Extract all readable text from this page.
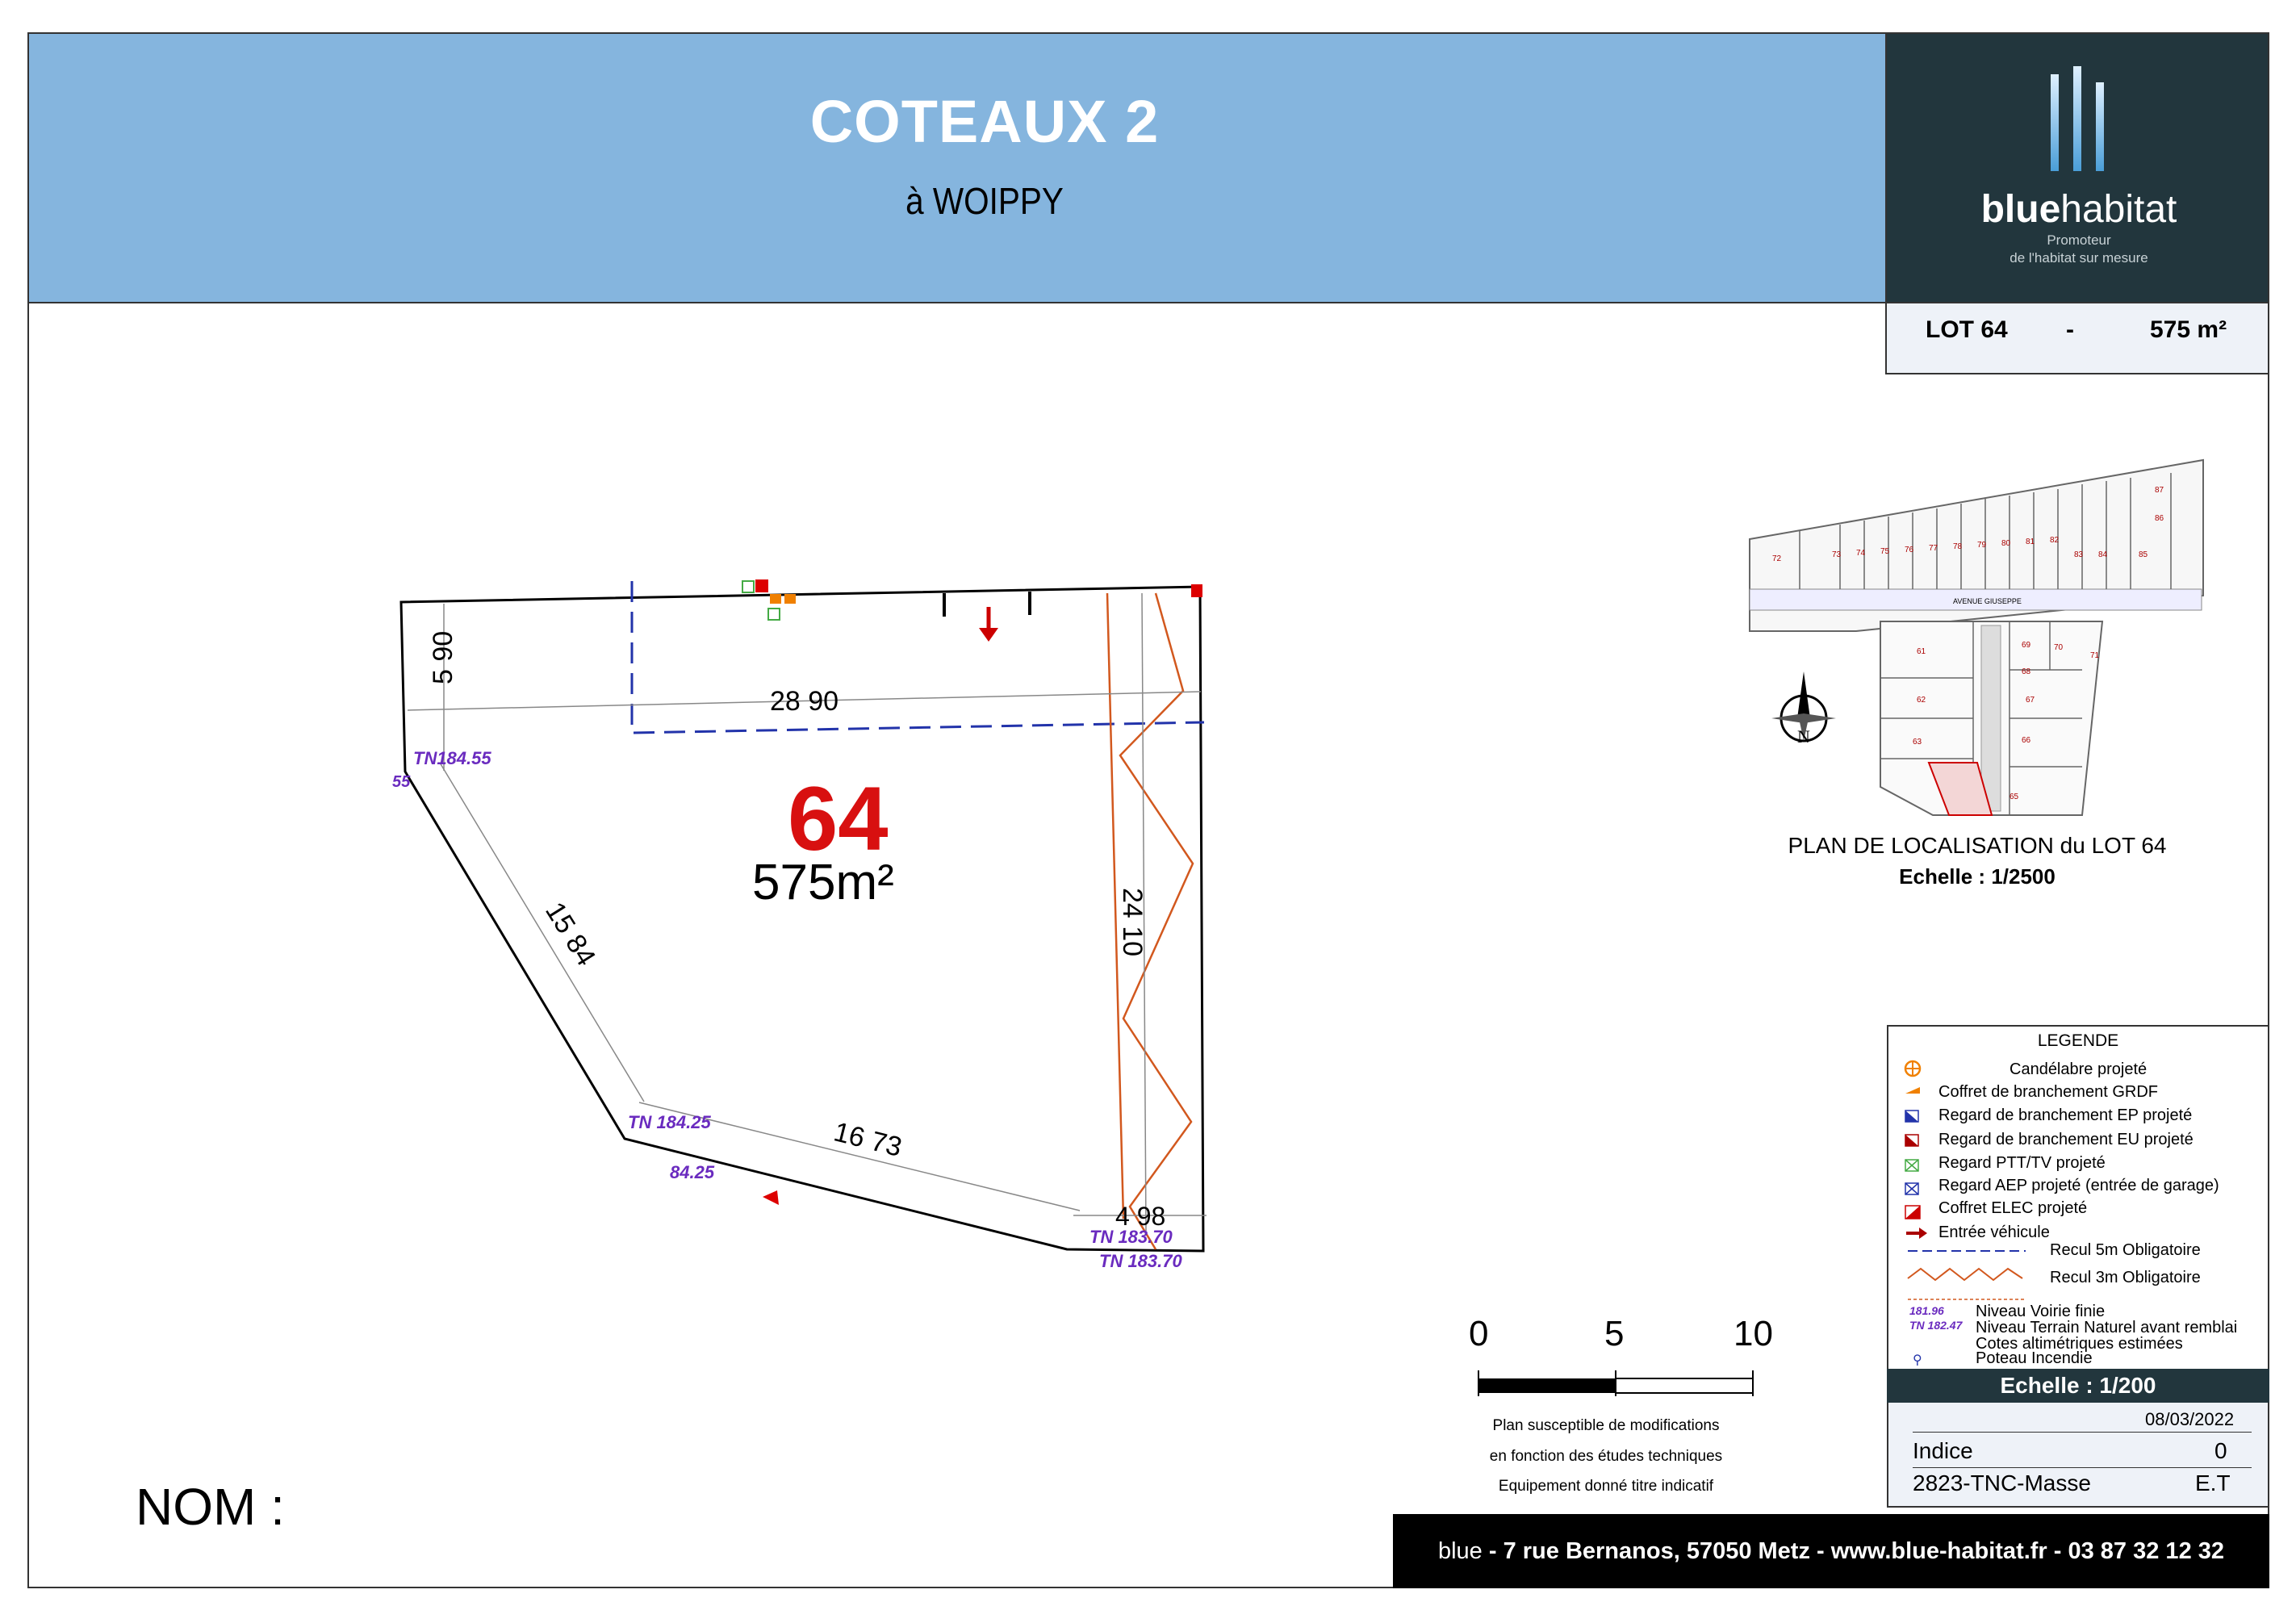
COTEAUX 2
à WOIPPY	bluehabitat
Promoteur
de l'habitat sur mesure
LOT 64 -	575 m²
5 90
28 90
15 84	24 10
16 73
4 98
TN184.55
55
TN 184.25
84.25
TN 183.70
TN 183.70
AVENUE GIUSEPPE
72	73 74 75 76 77 78 79 80 81 82
83 84	85
86
87
61
69	70
71
68
62	67
63	66
65
N
64
575m²
PLAN DE LOCALISATION du LOT 64
Echelle : 1/2500
0	5	10
Plan susceptible de modifications
en fonction des études techniques
Equipement donné titre indicatif
LEGENDE
181.96
TN 182.47
⚲
Candélabre projeté
Coffret de branchement GRDF
Regard de branchement EP projeté
Regard de branchement EU projeté
Regard PTT/TV projeté
Regard AEP projeté (entrée de garage)
Coffret ELEC projeté
Entrée véhicule
Recul 5m Obligatoire
Recul 3m Obligatoire
Niveau Voirie finie
Niveau Terrain Naturel avant remblai
Cotes altimétriques estimées
Poteau Incendie
Echelle : 1/200
08/03/2022
Indice	0
2823-TNC-Masse	E.T
blue - 7 rue Bernanos, 57050 Metz - www.blue-habitat.fr - 03 87 32 12 32
NOM :
